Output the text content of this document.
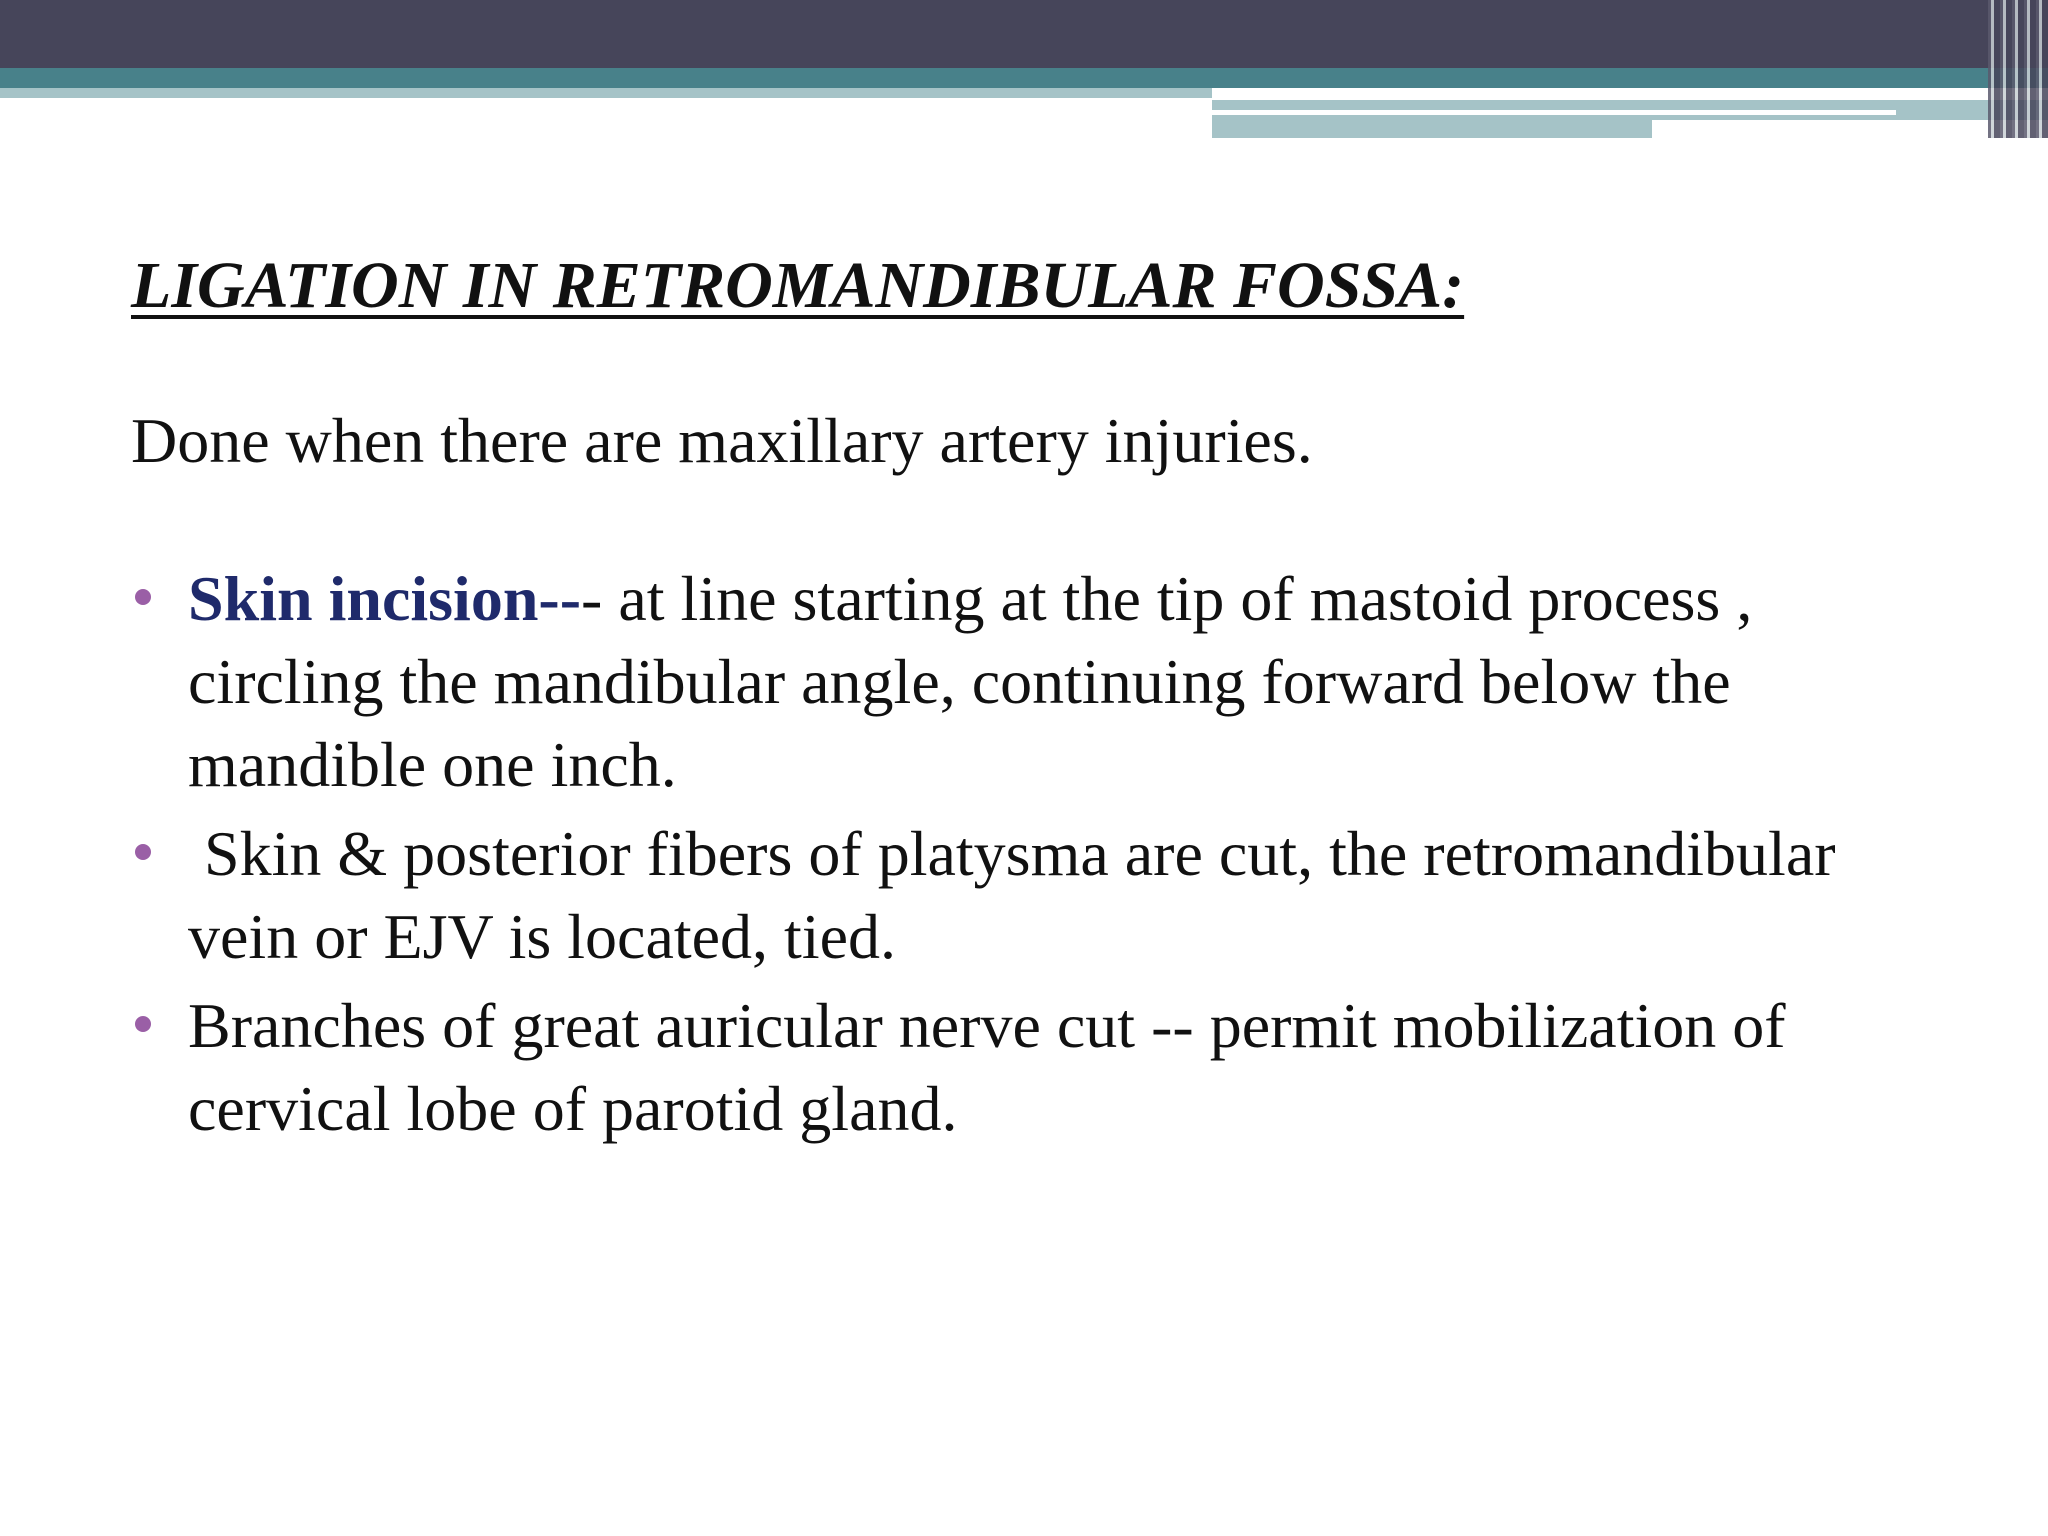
LIGATION IN RETROMANDIBULAR FOSSA:

Done when there are maxillary artery injuries.

Skin incision--- at line starting at the tip of mastoid process , circling the mandibular angle, continuing forward below the mandible one inch.
Skin & posterior fibers of platysma are cut, the retromandibular vein or EJV is located, tied.
Branches of great auricular nerve cut -- permit mobilization of cervical lobe of parotid gland.
